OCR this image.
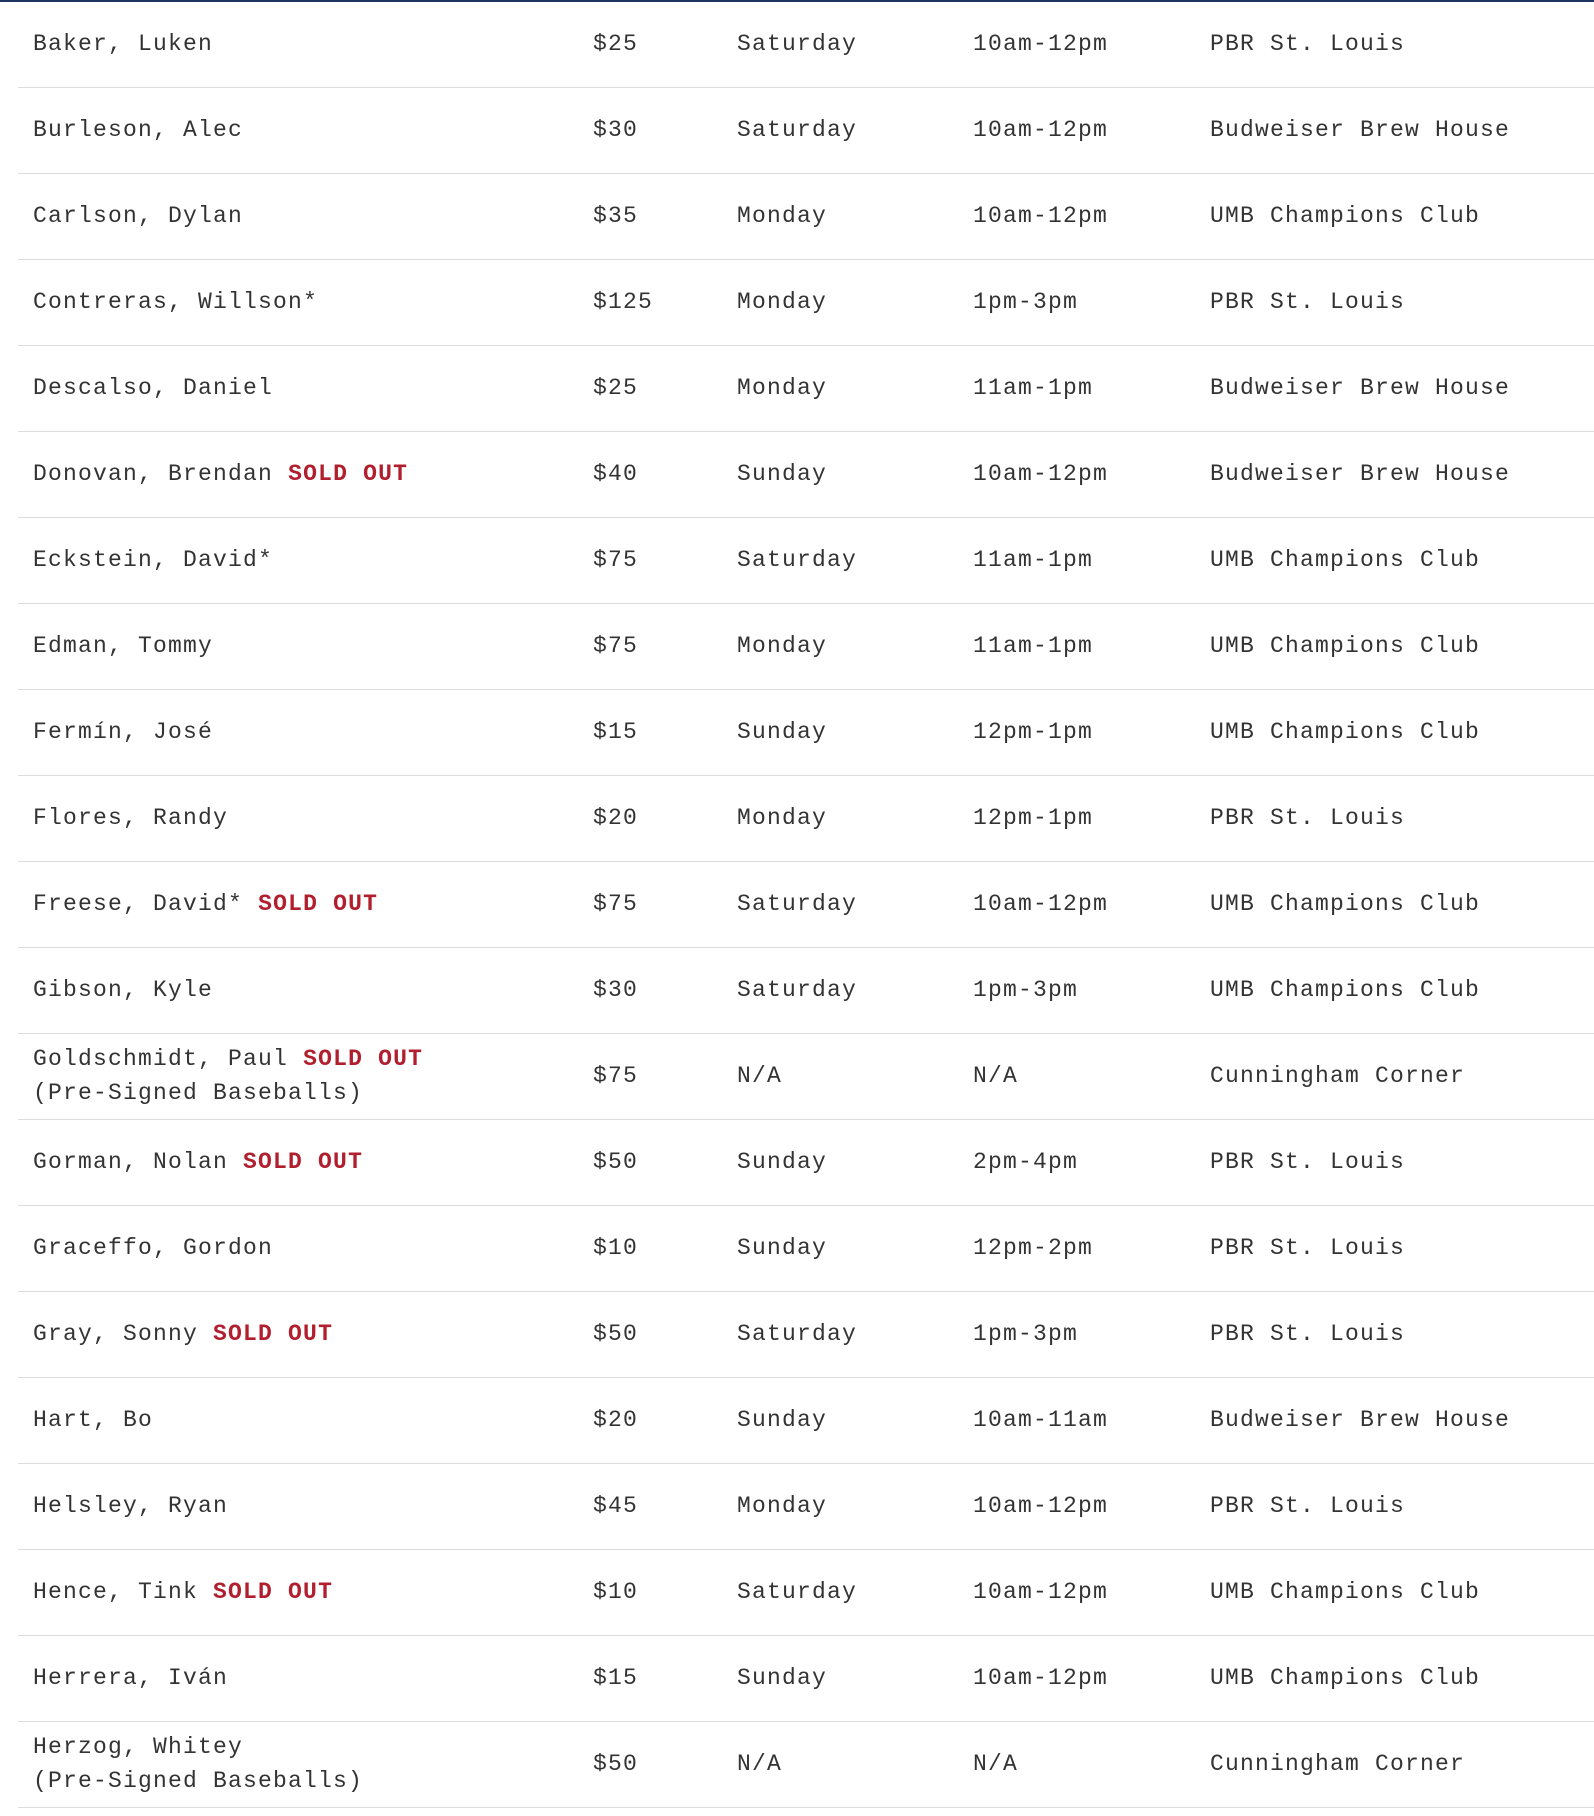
Baker, Luken	$25	Saturday	10am-12pm	PBR St. Louis
Burleson, Alec	$30	Saturday	10am-12pm	Budweiser Brew House
Carlson, Dylan	$35	Monday	10am-12pm	UMB Champions Club
Contreras, Willson*	$125	Monday	1pm-3pm	PBR St. Louis
Descalso, Daniel	$25	Monday	11am-1pm	Budweiser Brew House
Donovan, Brendan SOLD OUT	$40	Sunday	10am-12pm	Budweiser Brew House
Eckstein, David*	$75	Saturday	11am-1pm	UMB Champions Club
Edman, Tommy	$75	Monday	11am-1pm	UMB Champions Club
Fermín, José	$15	Sunday	12pm-1pm	UMB Champions Club
Flores, Randy	$20	Monday	12pm-1pm	PBR St. Louis
Freese, David* SOLD OUT	$75	Saturday	10am-12pm	UMB Champions Club
Gibson, Kyle	$30	Saturday	1pm-3pm	UMB Champions Club
Goldschmidt, Paul SOLD OUT
(Pre-Signed Baseballs)	$75	N/A	N/A	Cunningham Corner
Gorman, Nolan SOLD OUT	$50	Sunday	2pm-4pm	PBR St. Louis
Graceffo, Gordon	$10	Sunday	12pm-2pm	PBR St. Louis
Gray, Sonny SOLD OUT	$50	Saturday	1pm-3pm	PBR St. Louis
Hart, Bo	$20	Sunday	10am-11am	Budweiser Brew House
Helsley, Ryan	$45	Monday	10am-12pm	PBR St. Louis
Hence, Tink SOLD OUT	$10	Saturday	10am-12pm	UMB Champions Club
Herrera, Iván	$15	Sunday	10am-12pm	UMB Champions Club
Herzog, Whitey
(Pre-Signed Baseballs)	$50	N/A	N/A	Cunningham Corner
